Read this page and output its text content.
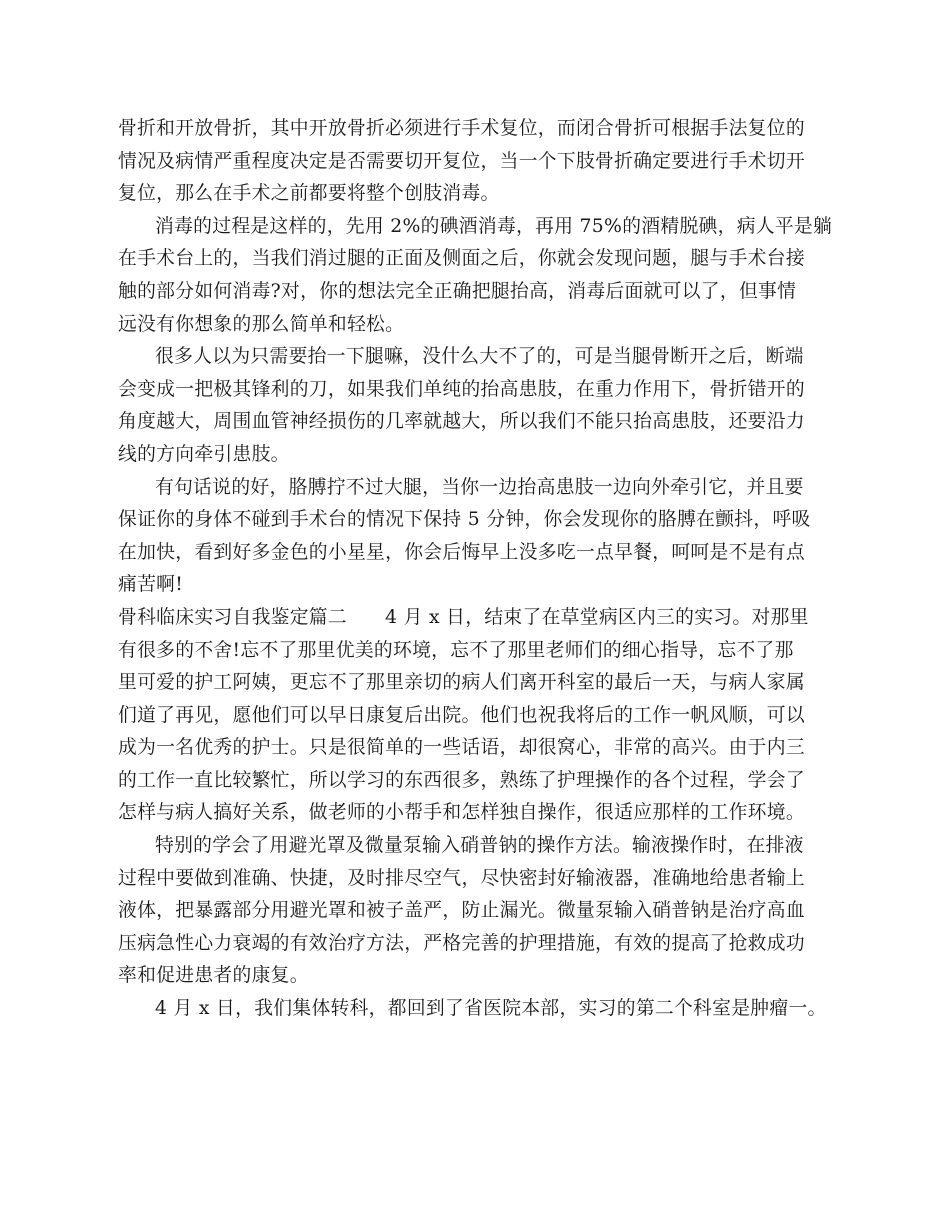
骨折和开放骨折，其中开放骨折必须进行手术复位，而闭合骨折可根据手法复位的
情况及病情严重程度决定是否需要切开复位，当一个下肢骨折确定要进行手术切开
复位，那么在手术之前都要将整个创肢消毒。
消毒的过程是这样的，先用 2%的碘酒消毒，再用 75%的酒精脱碘，病人平是躺
在手术台上的，当我们消过腿的正面及侧面之后，你就会发现问题，腿与手术台接
触的部分如何消毒?对，你的想法完全正确把腿抬高，消毒后面就可以了，但事情
远没有你想象的那么简单和轻松。
很多人以为只需要抬一下腿嘛，没什么大不了的，可是当腿骨断开之后，断端
会变成一把极其锋利的刀，如果我们单纯的抬高患肢，在重力作用下，骨折错开的
角度越大，周围血管神经损伤的几率就越大，所以我们不能只抬高患肢，还要沿力
线的方向牵引患肢。
有句话说的好，胳膊拧不过大腿，当你一边抬高患肢一边向外牵引它，并且要
保证你的身体不碰到手术台的情况下保持 5 分钟，你会发现你的胳膊在颤抖，呼吸
在加快，看到好多金色的小星星，你会后悔早上没多吃一点早餐，呵呵是不是有点
痛苦啊!
骨科临床实习自我鉴定篇二　　4 月 x 日，结束了在草堂病区内三的实习。对那里
有很多的不舍!忘不了那里优美的环境，忘不了那里老师们的细心指导，忘不了那
里可爱的护工阿姨，更忘不了那里亲切的病人们离开科室的最后一天，与病人家属
们道了再见，愿他们可以早日康复后出院。他们也祝我将后的工作一帆风顺，可以
成为一名优秀的护士。只是很简单的一些话语，却很窝心，非常的高兴。由于内三
的工作一直比较繁忙，所以学习的东西很多，熟练了护理操作的各个过程，学会了
怎样与病人搞好关系，做老师的小帮手和怎样独自操作，很适应那样的工作环境。
特别的学会了用避光罩及微量泵输入硝普钠的操作方法。输液操作时，在排液
过程中要做到准确、快捷，及时排尽空气，尽快密封好输液器，准确地给患者输上
液体，把暴露部分用避光罩和被子盖严，防止漏光。微量泵输入硝普钠是治疗高血
压病急性心力衰竭的有效治疗方法，严格完善的护理措施，有效的提高了抢救成功
率和促进患者的康复。
4 月 x 日，我们集体转科，都回到了省医院本部，实习的第二个科室是肿瘤一。
